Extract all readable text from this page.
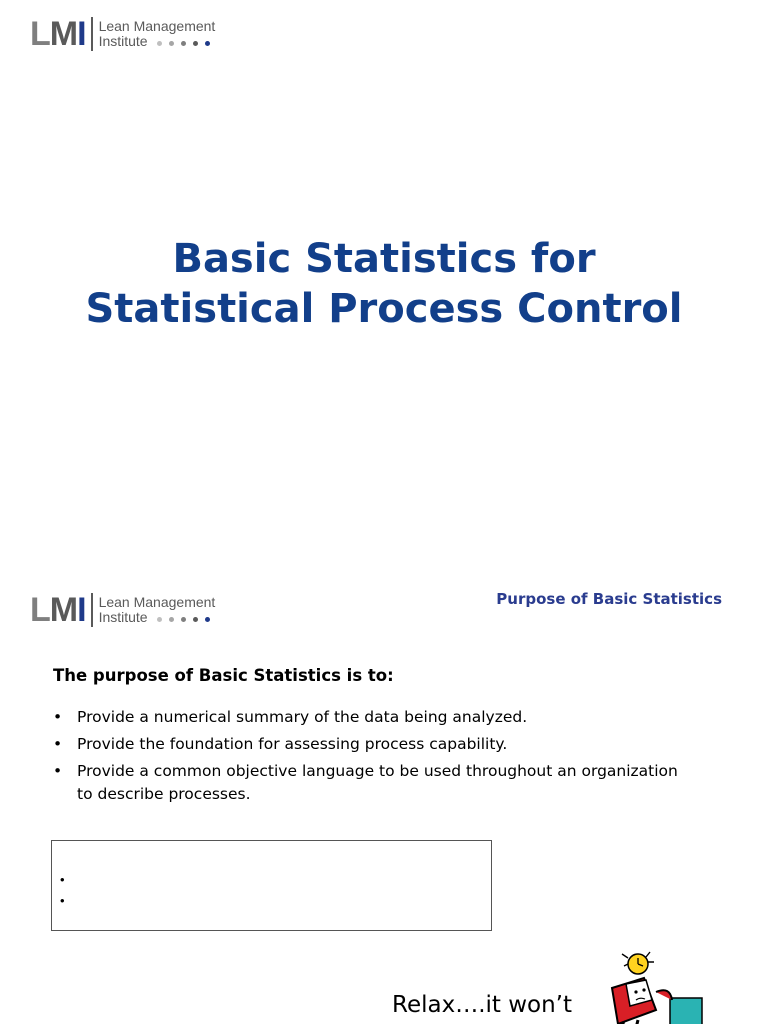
L M I Lean Management
Institute
Basic Statistics for
Statistical Process Control
L M I Lean Management
Institute
Purpose of Basic Statistics
The purpose of Basic Statistics is to:
• Provide a numerical summary of the data being analyzed.
• Provide the foundation for assessing process capability.
• Provide a common objective language to be used throughout an organization to describe processes.
•
•
Relax….it won’t
